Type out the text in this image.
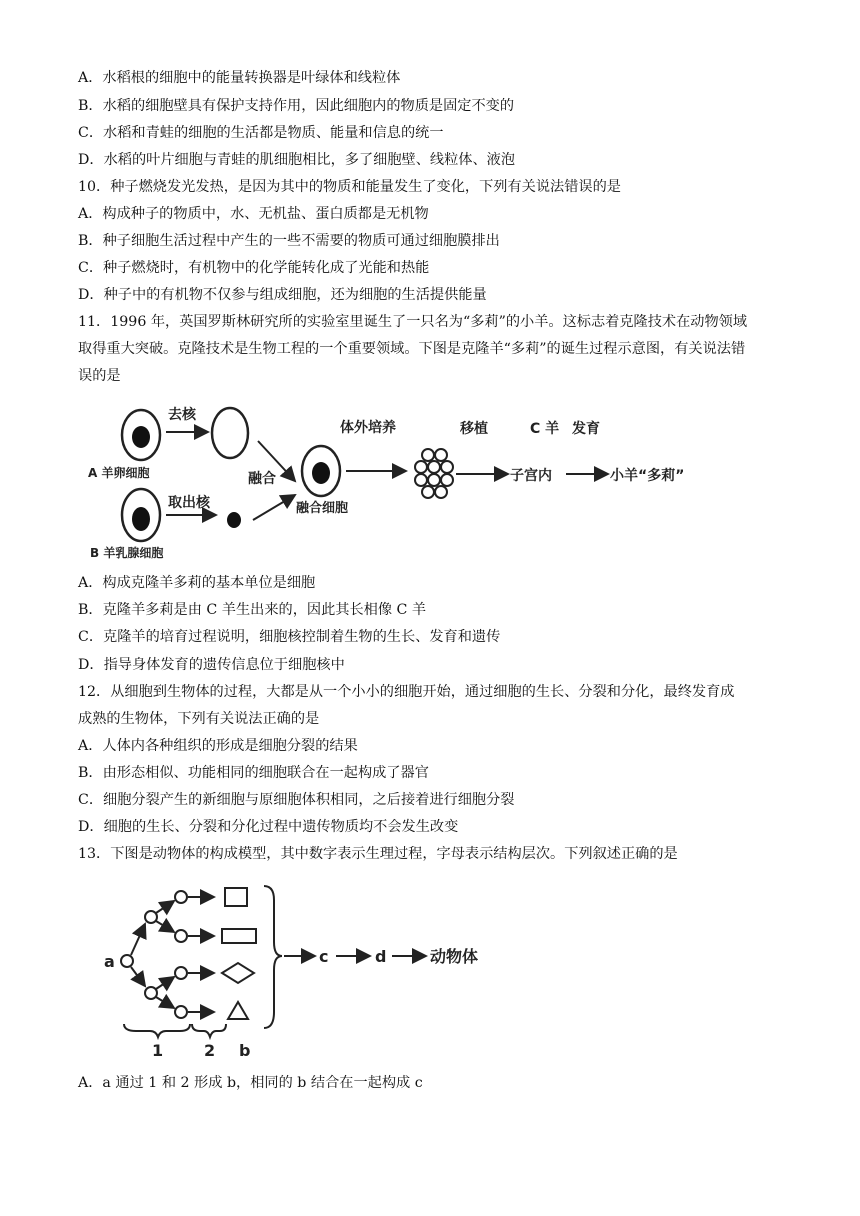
A．水稻根的细胞中的能量转换器是叶绿体和线粒体
B．水稻的细胞壁具有保护支持作用，因此细胞内的物质是固定不变的
C．水稻和青蛙的细胞的生活都是物质、能量和信息的统一
D．水稻的叶片细胞与青蛙的肌细胞相比，多了细胞壁、线粒体、液泡
10．种子燃烧发光发热，是因为其中的物质和能量发生了变化，下列有关说法错误的是
A．构成种子的物质中，水、无机盐、蛋白质都是无机物
B．种子细胞生活过程中产生的一些不需要的物质可通过细胞膜排出
C．种子燃烧时，有机物中的化学能转化成了光能和热能
D．种子中的有机物不仅参与组成细胞，还为细胞的生活提供能量
11．1996 年，英国罗斯林研究所的实验室里诞生了一只名为“多莉”的小羊。这标志着克隆技术在动物领域
取得重大突破。克隆技术是生物工程的一个重要领域。下图是克隆羊“多莉”的诞生过程示意图，有关说法错
误的是
去核
A 羊卵细胞
取出核
B 羊乳腺细胞
融合
融合细胞
体外培养	移植	C 羊 发育
子宫内	小羊“多莉”
A．构成克隆羊多莉的基本单位是细胞
B．克隆羊多莉是由 C 羊生出来的，因此其长相像 C 羊
C．克隆羊的培育过程说明，细胞核控制着生物的生长、发育和遗传
D．指导身体发育的遗传信息位于细胞核中
12．从细胞到生物体的过程，大都是从一个小小的细胞开始，通过细胞的生长、分裂和分化，最终发育成
成熟的生物体，下列有关说法正确的是
A．人体内各种组织的形成是细胞分裂的结果
B．由形态相似、功能相同的细胞联合在一起构成了器官
C．细胞分裂产生的新细胞与原细胞体积相同，之后接着进行细胞分裂
D．细胞的生长、分裂和分化过程中遗传物质均不会发生改变
13．下图是动物体的构成模型，其中数字表示生理过程，字母表示结构层次。下列叙述正确的是
a	c	d	动物体
1	2 b
A．a 通过 1 和 2 形成 b，相同的 b 结合在一起构成 c
